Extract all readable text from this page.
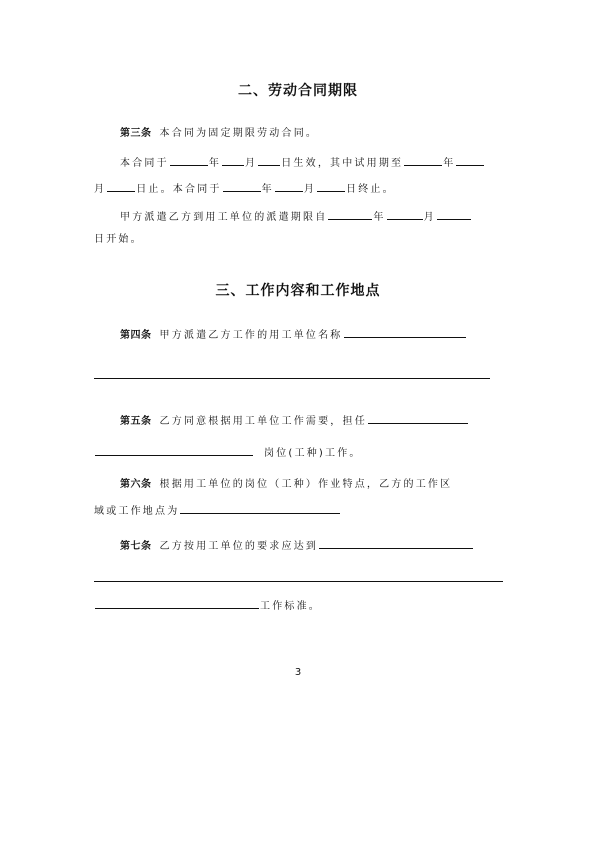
二、劳动合同期限
第三条 本合同为固定期限劳动合同。
本合同于	年 月 日生效，其中试用期至	年
月	日止。本合同于	年	月	日终止。
甲方派遣乙方到用工单位的派遣期限自	年	月
日开始。
三、工作内容和工作地点
第四条 甲方派遣乙方工作的用工单位名称
第五条 乙方同意根据用工单位工作需要，担任
岗位(工种)工作。
第六条 根据用工单位的岗位（工种）作业特点，乙方的工作区
域或工作地点为
第七条 乙方按用工单位的要求应达到
工作标准。
3
